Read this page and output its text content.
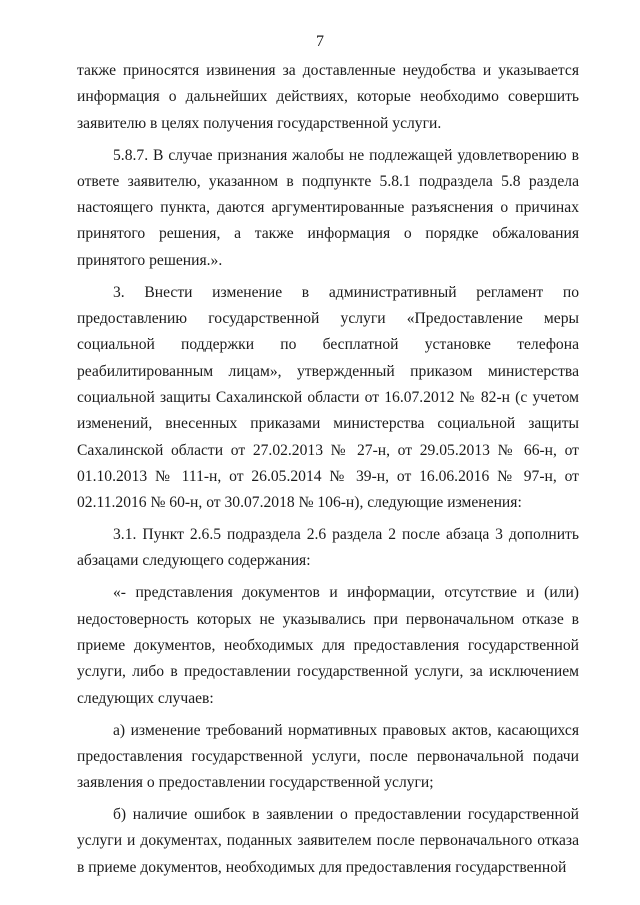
7

также приносятся извинения за доставленные неудобства и указывается информация о дальнейших действиях, которые необходимо совершить заявителю в целях получения государственной услуги.

5.8.7. В случае признания жалобы не подлежащей удовлетворению в ответе заявителю, указанном в подпункте 5.8.1 подраздела 5.8 раздела настоящего пункта, даются аргументированные разъяснения о причинах принятого решения, а также информация о порядке обжалования принятого решения.».

3. Внести изменение в административный регламент по предоставлению государственной услуги «Предоставление меры социальной поддержки по бесплатной установке телефона реабилитированным лицам», утвержденный приказом министерства социальной защиты Сахалинской области от 16.07.2012 № 82-н (с учетом изменений, внесенных приказами министерства социальной защиты Сахалинской области от 27.02.2013 № 27-н, от 29.05.2013 № 66-н, от 01.10.2013 № 111-н, от 26.05.2014 № 39-н, от 16.06.2016 № 97-н, от 02.11.2016 № 60-н, от 30.07.2018 № 106-н), следующие изменения:

3.1. Пункт 2.6.5 подраздела 2.6 раздела 2 после абзаца 3 дополнить абзацами следующего содержания:

«- представления документов и информации, отсутствие и (или) недостоверность которых не указывались при первоначальном отказе в приеме документов, необходимых для предоставления государственной услуги, либо в предоставлении государственной услуги, за исключением следующих случаев:

а) изменение требований нормативных правовых актов, касающихся предоставления государственной услуги, после первоначальной подачи заявления о предоставлении государственной услуги;

б) наличие ошибок в заявлении о предоставлении государственной услуги и документах, поданных заявителем после первоначального отказа в приеме документов, необходимых для предоставления государственной
